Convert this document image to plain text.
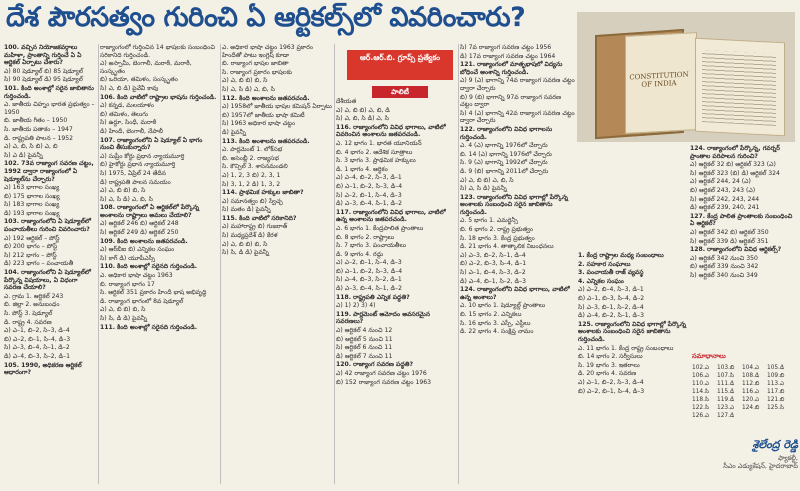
దేశ పౌరసత్వం గురించి ఏ ఆర్టికల్స్‌లో వివరించారు?
ఆర్‌.ఆర్‌.బి. గ్రూప్స్‌ ప్రత్యేకం
పాలిటీ
CONSTITUTION OF INDIA

100. వచ్చిన నియోజకవర్గాలు మహిళా, ప్రాంతాన్ని గుర్తించే ఏ ఏ ఆర్టికల్ ఏర్పాటు చేశారు?

ఎ) 80 షెడ్యూల్ బి) 85 షెడ్యూల్

సి) 90 షెడ్యూల్ డి) 95 షెడ్యూల్

101. కింది అంశాల్లో సరైన జాబితాను గుర్తించండి.

ఎ. జాతీయ చిహ్నం భారత ప్రభుత్వం – 1950

బి. జాతీయ గీతం – 1950

సి. జాతీయ పతాకం – 1947

డి. రాష్ట్రపతి పాలన – 1952

ఎ) ఎ, బి, సి బి) ఎ, బి

సి) ఎ డి) పైవన్నీ

102. 73వ రాజ్యాంగ సవరణ చట్టం, 1992 ద్వారా రాజ్యాంగంలో ఏ షెడ్యూల్‌ను చేర్చారు?

ఎ) 163 భాగాల సంఖ్య

బి) 175 భాగాల సంఖ్య

సి) 183 భాగాల సంఖ్య

డి) 193 భాగాల సంఖ్య

103. రాజ్యాంగంలోని ఏ షెడ్యూల్‌లో పంచాయతీలు గురించి వివరించారు?

ఎ) 192 ఆర్టికల్ – పోస్ట్

బి) 200 భాగం – పోస్ట్

సి) 212 భాగం – పోస్ట్

డి) 223 భాగం – పంచాయతీ

104. రాజ్యాంగంలోని ఏ షెడ్యూల్‌లో పేర్కొన్న విషయాలు, ఏ విధంగా సవరణ చేయాలి?

ఎ. గ్రామ 1. ఆర్టికల్ 243

బి. జిల్లా 2. అనుబంధం

సి. పోస్ట్ 3. షెడ్యూల్

డి. రాష్ట్ర 4. సవరణ

ఎ) ఎ–1, బి–2, సి–3, డి–4

బి) ఎ–2, బి–1, సి–4, డి–3

సి) ఎ–3, బి–4, సి–1, డి–2

డి) ఎ–4, బి–3, సి–2, డి–1

105. 1990, అధికరణ ఆర్టికల్ ఆధారంగా?

రాజ్యాంగంలో గుర్తించిన 14 భాషలకు సంబంధించి సరికానిది గుర్తించండి.

ఎ) అస్సామీ, బెంగాలీ, మరాఠీ, మరాఠీ, సంస్కృతం

బి) ఒరియా, తమిళం, సంస్కృతం

సి) ఎ, బి డి) పైవేవీ కావు

106. కింది వాటిలో రాష్ట్రాల భాషను గుర్తించండి.

ఎ) కన్నడ, మలయాళం

బి) తమిళం, తెలుగు

సి) ఉర్దూ, సింధీ, మరాఠీ

డి) హిందీ, బెంగాలీ, నేపాలీ

107. రాజ్యాంగంలోని ఏ షెడ్యూల్ ఏ భాగం నుంచి తీసుకున్నారు?

ఎ) సుప్రీం కోర్టు ప్రధాన న్యాయమూర్తి

బి) హైకోర్టు ప్రధాన న్యాయమూర్తి

సి) 1975, ఏప్రిల్ 24 తేదీన

డి) రాష్ట్రపతి పాలన సమయం

ఎ) ఎ, బి బి) బి, సి

సి) ఎ, సి డి) ఎ, బి, సి

108. రాజ్యాంగంలో ఏ ఆర్టికల్‌లో పేర్కొన్న అంశాలను రాష్ట్రాలు అమలు చేయాలి?

ఎ) ఆర్టికల్ 246 బి) ఆర్టికల్ 248

సి) ఆర్టికల్ 249 డి) ఆర్టికల్ 250

109. కింది అంశాలను జతపరచండి.

ఎ) ఆర్‌బీఐ బి) ఎన్నికల సంఘం

సి) కాగ్ డి) యూపీఎస్సీ

110. కింది అంశాల్లో సరైనది గుర్తించండి.

ఎ. అధికార భాషా చట్టం 1963

బి. రాజ్యాంగ భాగం 17

సి. ఆర్టికల్ 351 ప్రకారం హిందీ భాష అభివృద్ధి

డి. రాజ్యాంగ భాగంలో 8వ షెడ్యూల్

ఎ) ఎ, బి బి) బి, సి

సి) సి, డి డి) పైవన్నీ

111. కింది అంశాల్లో సరైనది గుర్తించండి.

ఎ. అధికార భాషా చట్టం 1963 ప్రకారం హిందీతో పాటు ఇంగ్లిష్ కూడా

బి. రాజ్యాంగ భాషల జాబితా

సి. రాజ్యాంగ ప్రకారం భాషలకు

ఎ) ఎ, బి బి) బి, సి

సి) ఎ, సి డి) ఎ, బి, సి

112. కింది అంశాలను జతపరచండి.

ఎ) 1958లో జాతీయ భాషల కమిషన్ ఏర్పాటు

బి) 1957లో జాతీయ భాషా కమిటీ

సి) 1963 అధికార భాషా చట్టం

డి) పైవన్నీ

113. కింది అంశాలను జతపరచండి.

ఎ. పార్లమెంట్ 1. లోక్‌సభ

బి. అసెంబ్లీ 2. రాజ్యసభ

సి. కౌన్సిల్ 3. శాసనమండలి

ఎ) 1, 2, 3 బి) 2, 3, 1

సి) 3, 1, 2 డి) 1, 3, 2

114. ప్రాథమిక హక్కుల జాబితా?

ఎ) సమానత్వం బి) స్వేచ్ఛ

సి) మతం డి) పైవన్నీ

115. కింది వాటిలో సరికానిది?

ఎ) మహారాష్ట్ర బి) గుజరాత్

సి) మధ్యప్రదేశ్ డి) కేరళ

ఎ) ఎ, బి బి) బి, సి

సి) సి, డి డి) పైవన్నీ

దేశీయత

ఎ) ఎ, బి బి) ఎ, బి, డి

సి) ఎ, బి, సి డి) ఎ, సి

116. రాజ్యాంగంలోని వివిధ భాగాలు, వాటిలో వివరించిన అంశాలను జతపరచండి.

ఎ. 12 భాగం 1. భారత యూనియన్

బి. 4 భాగం 2. ఆదేశిక సూత్రాలు

సి. 3 భాగం 3. ప్రాథమిక హక్కులు

డి. 1 భాగం 4. ఆర్థికం

ఎ) ఎ–4, బి–2, సి–3, డి–1

బి) ఎ–1, బి–2, సి–3, డి–4

సి) ఎ–2, బి–1, సి–4, డి–3

డి) ఎ–3, బి–4, సి–1, డి–2

117. రాజ్యాంగంలోని వివిధ భాగాలు, వాటిలో ఉన్న అంశాలను జతపరచండి.

ఎ. 6 భాగం 1. కేంద్రపాలిత ప్రాంతాలు

బి. 8 భాగం 2. రాష్ట్రాలు

సి. 7 భాగం 3. పంచాయతీలు

డి. 9 భాగం 4. రద్దు

ఎ) ఎ–2, బి–1, సి–4, డి–3

బి) ఎ–1, బి–2, సి–3, డి–4

సి) ఎ–4, బి–3, సి–2, డి–1

డి) ఎ–3, బి–4, సి–1, డి–2

118. రాష్ట్రపతి ఎన్నిక పద్ధతి?

ఎ) 1) 2) 3) 4)

119. పార్లమెంట్ ఆమోదం అవసరమైన సవరణలు?

ఎ) ఆర్టికల్ 4 నుంచి 12

బి) ఆర్టికల్ 5 నుంచి 11

సి) ఆర్టికల్ 6 నుంచి 11

డి) ఆర్టికల్ 7 నుంచి 11

120. రాజ్యాంగ సవరణ పద్ధతి?

ఎ) 42 రాజ్యాంగ సవరణ చట్టం 1976

బి) 152 రాజ్యాంగ సవరణ చట్టం 1963

సి) 7వ రాజ్యాంగ సవరణ చట్టం 1956

డి) 17వ రాజ్యాంగ సవరణ చట్టం 1964

121. రాజ్యాంగంలో మాతృభాషలో విద్యను బోధించే అంశాన్ని గుర్తించండి.

ఎ) 9 (ఎ) భాగాన్ని 74వ రాజ్యాంగ సవరణ చట్టం ద్వారా చేర్చారు

బి) 9 (బి) భాగాన్ని 97వ రాజ్యాంగ సవరణ చట్టం ద్వారా

సి) 4 (ఎ) భాగాన్ని 42వ రాజ్యాంగ సవరణ చట్టం ద్వారా చేర్చారు

122. రాజ్యాంగంలోని వివిధ భాగాలను గుర్తించండి.

ఎ. 4 (ఎ) భాగాన్ని 1976లో చేర్చారు

బి. 14 (ఎ) భాగాన్ని 1976లో చేర్చారు

సి. 9 (ఎ) భాగాన్ని 1992లో చేర్చారు

డి. 9 (బి) భాగాన్ని 2011లో చేర్చారు

ఎ) ఎ, బి బి) ఎ, బి, సి

సి) ఎ, సి డి) పైవన్నీ

123. రాజ్యాంగంలోని వివిధ భాగాల్లో పేర్కొన్న అంశాలకు సంబంధించి సరైన జాబితాను గుర్తించండి.

ఎ. 5 భాగం 1. ఎమర్జెన్సీ

బి. 6 భాగం 2. రాష్ట్ర ప్రభుత్వం

సి. 18 భాగం 3. కేంద్ర ప్రభుత్వం

డి. 21 భాగం 4. తాత్కాలిక నిబంధనలు

ఎ) ఎ–3, బి–2, సి–1, డి–4

బి) ఎ–2, బి–3, సి–4, డి–1

సి) ఎ–1, బి–4, సి–3, డి–2

డి) ఎ–4, బి–1, సి–2, డి–3

124. రాజ్యాంగంలోని వివిధ భాగాలు, వాటిలో ఉన్న అంశాలు?

ఎ. 10 భాగం 1. షెడ్యూల్డ్ ప్రాంతాలు

బి. 15 భాగం 2. ఎన్నికలు

సి. 16 భాగం 3. ఎస్సీ, ఎస్టీలు

డి. 22 భాగం 4. సంక్షిప్త నామం

1. కేంద్ర రాష్ట్రాల మధ్య సంబంధాలు

2. సహకార సంఘాలు

3. పంచాయతీ రాజ్ వ్యవస్థ

4. ఎన్నికల సంఘం

ఎ) ఎ–2, బి–4, సి–3, డి–1

బి) ఎ–1, బి–3, సి–4, డి–2

సి) ఎ–3, బి–1, సి–2, డి–4

డి) ఎ–4, బి–2, సి–1, డి–3

125. రాజ్యాంగంలోని వివిధ భాగాల్లో పేర్కొన్న అంశాలకు సంబంధించి సరైన జాబితాను గుర్తించండి.

ఎ. 11 భాగం 1. కేంద్ర రాష్ట్ర సంబంధాలు

బి. 14 భాగం 2. సర్వీసులు

సి. 19 భాగం 3. ఇతరాలు

డి. 20 భాగం 4. సవరణ

ఎ) ఎ–1, బి–2, సి–3, డి–4

బి) ఎ–2, బి–1, సి–4, డి–3

124. రాజ్యాంగంలో పేర్కొన్న, గవర్నర్ ప్రాంతాల పరిపాలన గురించి?

ఎ) ఆర్టికల్ 32 బి) ఆర్టికల్ 323 (ఎ)

సి) ఆర్టికల్ 323 (బి) డి) ఆర్టికల్ 324

ఎ) ఆర్టికల్ 244, 24 (ఎ)

బి) ఆర్టికల్ 243, 243 (ఎ)

సి) ఆర్టికల్ 242, 243, 244

డి) ఆర్టికల్ 239, 240, 241

127. కేంద్ర పాలిత ప్రాంతాలకు సంబంధించి ఏ ఆర్టికల్?

ఎ) ఆర్టికల్ 342 బి) ఆర్టికల్ 350

సి) ఆర్టికల్ 339 డి) ఆర్టికల్ 351

128. రాజ్యాంగంలోని వివిధ ఆర్టికల్స్?

ఎ) ఆర్టికల్ 342 నుంచి 350

బి) ఆర్టికల్ 339 నుంచి 342

సి) ఆర్టికల్ 340 నుంచి 349

సమాధానాలు
102.ఎ	103.బి	104.ఎ	105.డి
106.ఎ	107.సి	108.డి	109.బి
110.ఎ	111.డి	112.బి	113.ఎ
114.సి	115.డి	116.ఎ	117.బి
118.సి	119.డి	120.ఎ	121.బి
122.సి	123.ఎ	124.బి	125.సి
126.ఎ	127.డి
శైలేంద్ర రెడ్డి
ఫ్యాకల్టీ,
సీఎం ఎడ్యుకేషన్, హైదరాబాద్
